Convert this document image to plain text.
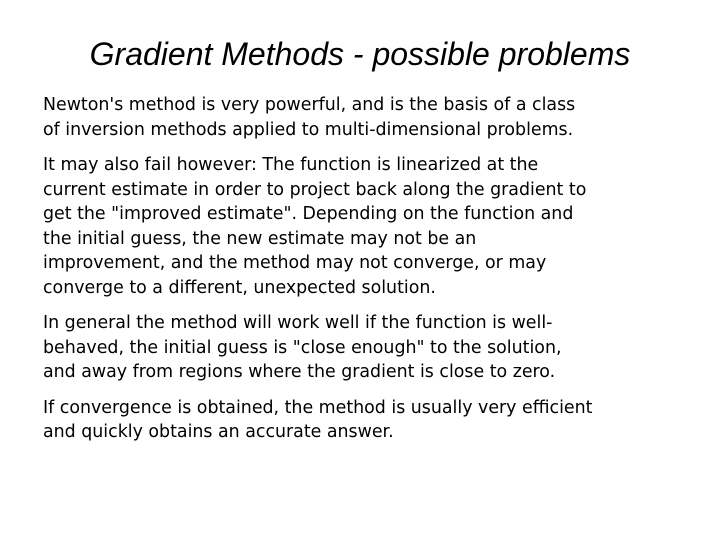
Gradient Methods - possible problems

Newton's method is very powerful, and is the basis of a class
of inversion methods applied to multi-dimensional problems.

It may also fail however: The function is linearized at the
current estimate in order to project back along the gradient to
get the "improved estimate". Depending on the function and
the initial guess, the new estimate may not be an
improvement, and the method may not converge, or may
converge to a different, unexpected solution.

In general the method will work well if the function is well-
behaved, the initial guess is "close enough" to the solution,
and away from regions where the gradient is close to zero.

If convergence is obtained, the method is usually very efficient
and quickly obtains an accurate answer.
